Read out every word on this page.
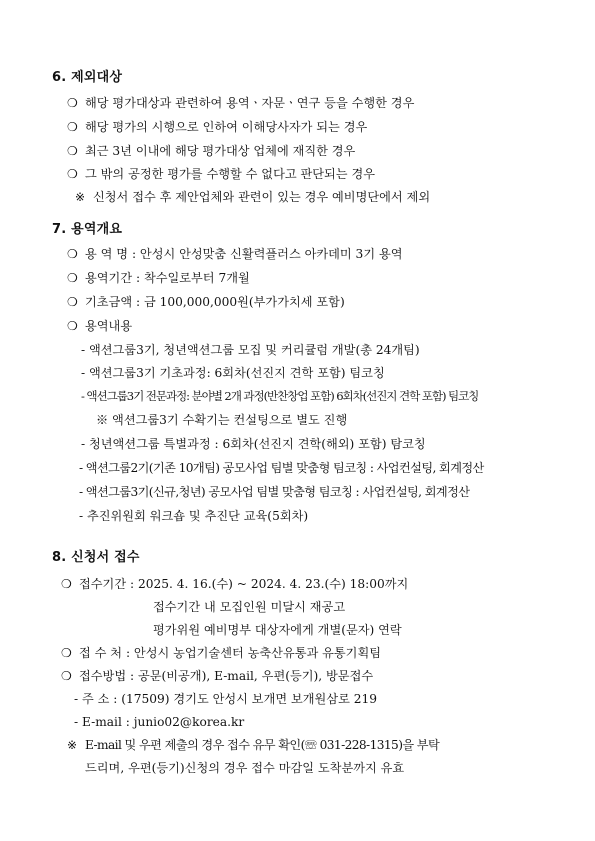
6. 제외대상
❍ 해당 평가대상과 관련하여 용역ㆍ자문ㆍ연구 등을 수행한 경우
❍ 해당 평가의 시행으로 인하여 이해당사자가 되는 경우
❍ 최근 3년 이내에 해당 평가대상 업체에 재직한 경우
❍ 그 밖의 공정한 평가를 수행할 수 없다고 판단되는 경우
※ 신청서 접수 후 제안업체와 관련이 있는 경우 예비명단에서 제외
7. 용역개요
❍ 용 역 명 : 안성시 안성맞춤 신활력플러스 아카데미 3기 용역
❍ 용역기간 : 착수일로부터 7개월
❍ 기초금액 : 금 100,000,000원(부가가치세 포함)
❍ 용역내용
- 액션그룹3기, 청년액션그룹 모집 및 커리큘럼 개발(총 24개팀)
- 액션그룹3기 기초과정: 6회차(선진지 견학 포함) 팀코칭
- 액션그룹3기 전문과정: 분야별 2개 과정(반찬창업 포함) 6회차(선진지 견학 포함) 팀코칭
※ 액션그룹3기 수확기는 컨설팅으로 별도 진행
- 청년액션그룹 특별과정 : 6회차(선진지 견학(해외) 포함) 탐코칭
- 액션그룹2기(기존 10개팀) 공모사업 팀별 맞춤형 팀코칭 : 사업컨설팅, 회계정산
- 액션그룹3기(신규,청년) 공모사업 팀별 맞춤형 팀코칭 : 사업컨설팅, 회계정산
- 추진위원회 워크숍 및 추진단 교육(5회차)
8. 신청서 접수
❍ 접수기간 : 2025. 4. 16.(수) ~ 2024. 4. 23.(수) 18:00까지
접수기간 내 모집인원 미달시 재공고
평가위원 예비명부 대상자에게 개별(문자) 연락
❍ 접 수 처 : 안성시 농업기술센터 농축산유통과 유통기획팀
❍ 접수방법 : 공문(비공개), E-mail, 우편(등기), 방문접수
- 주 소 : (17509) 경기도 안성시 보개면 보개원삼로 219
- E-mail : junio02@korea.kr
※ E-mail 및 우편 제출의 경우 접수 유무 확인(☏ 031-228-1315)을 부탁
드리며, 우편(등기)신청의 경우 접수 마감일 도착분까지 유효
